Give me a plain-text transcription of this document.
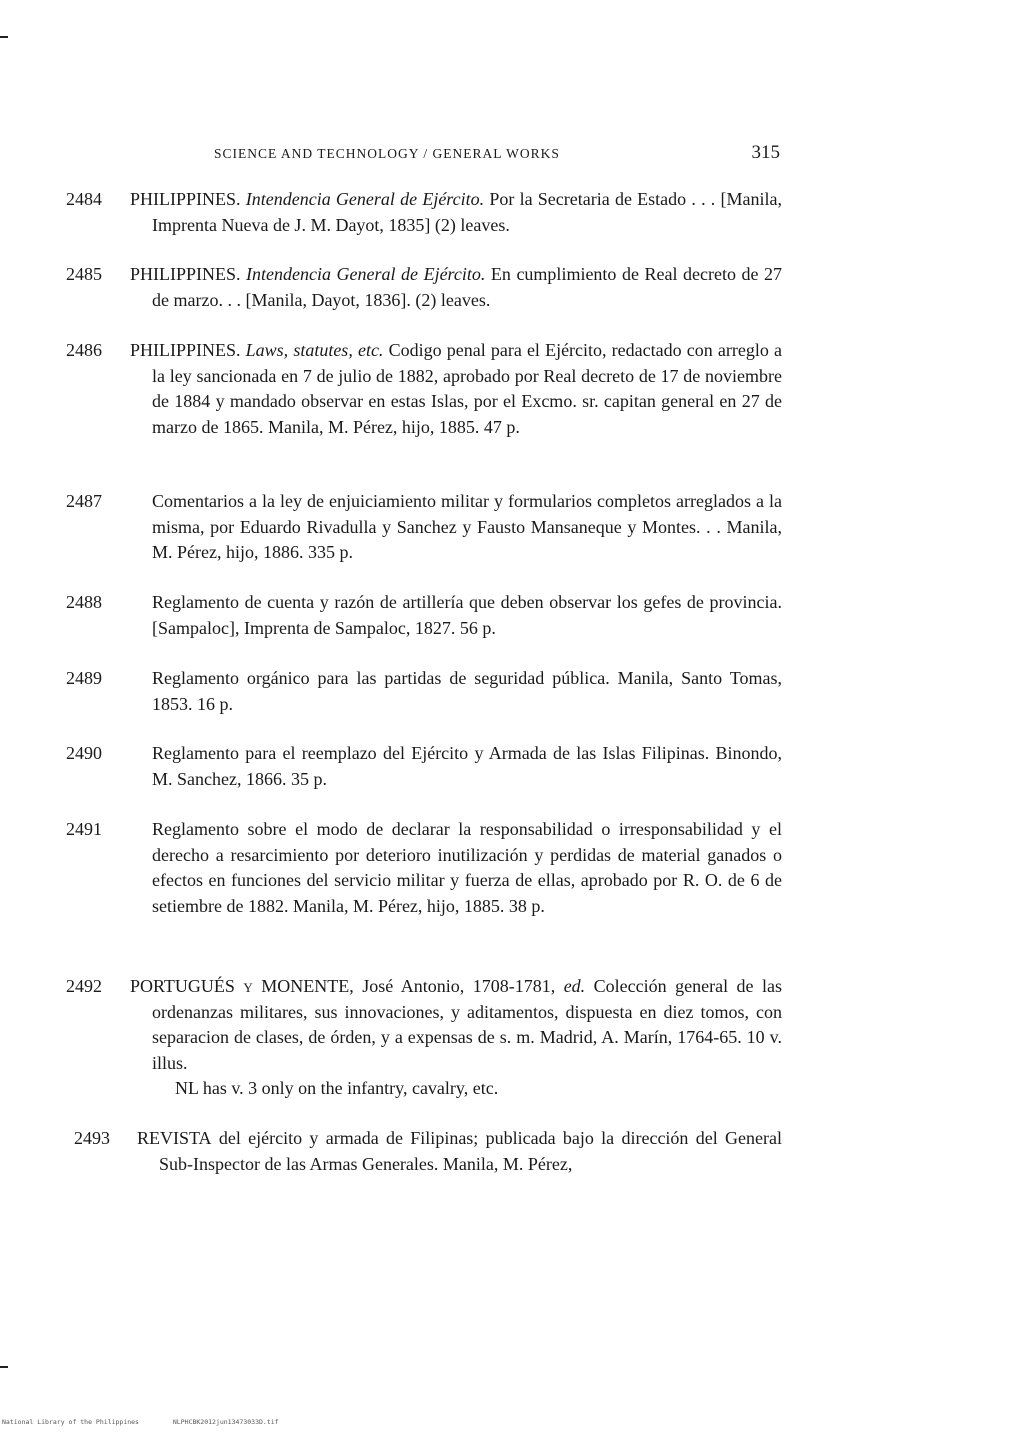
SCIENCE AND TECHNOLOGY / GENERAL WORKS	315
2484 PHILIPPINES. Intendencia General de Ejército. Por la Secretaria de Estado . . . [Manila, Imprenta Nueva de J. M. Dayot, 1835] (2) leaves.

2485 PHILIPPINES. Intendencia General de Ejército. En cumplimiento de Real decreto de 27 de marzo. . . [Manila, Dayot, 1836]. (2) leaves.

2486 PHILIPPINES. Laws, statutes, etc. Codigo penal para el Ejército, redactado con arreglo a la ley sancionada en 7 de julio de 1882, aprobado por Real decreto de 17 de noviembre de 1884 y mandado observar en estas Islas, por el Excmo. sr. capitan general en 27 de marzo de 1865. Manila, M. Pérez, hijo, 1885. 47 p.

2487	Comentarios a la ley de enjuiciamiento militar y formularios completos arreglados a la misma, por Eduardo Rivadulla y Sanchez y Fausto Mansaneque y Montes. . . Manila, M. Pérez, hijo, 1886. 335 p.

2488	Reglamento de cuenta y razón de artillería que deben observar los gefes de provincia. [Sampaloc], Imprenta de Sampaloc, 1827. 56 p.

2489	Reglamento orgánico para las partidas de seguridad pública. Manila, Santo Tomas, 1853. 16 p.

2490	Reglamento para el reemplazo del Ejército y Armada de las Islas Filipinas. Binondo, M. Sanchez, 1866. 35 p.

2491	Reglamento sobre el modo de declarar la responsabilidad o irresponsabilidad y el derecho a resarcimiento por deterioro inutilización y perdidas de material ganados o efectos en funciones del servicio militar y fuerza de ellas, aprobado por R. O. de 6 de setiembre de 1882. Manila, M. Pérez, hijo, 1885. 38 p.

2492 PORTUGUÉS y MONENTE, José Antonio, 1708-1781, ed. Colección general de las ordenanzas militares, sus innovaciones, y aditamentos, dispuesta en diez tomos, con separacion de clases, de órden, y a expensas de s. m. Madrid, A. Marín, 1764-65. 10 v. illus.

NL has v. 3 only on the infantry, cavalry, etc.
2493 REVISTA del ejército y armada de Filipinas; publicada bajo la dirección del General Sub-Inspector de las Armas Generales. Manila, M. Pérez,

National Library of the Philippines	NLPHCBK2012jun13473033D.tif
